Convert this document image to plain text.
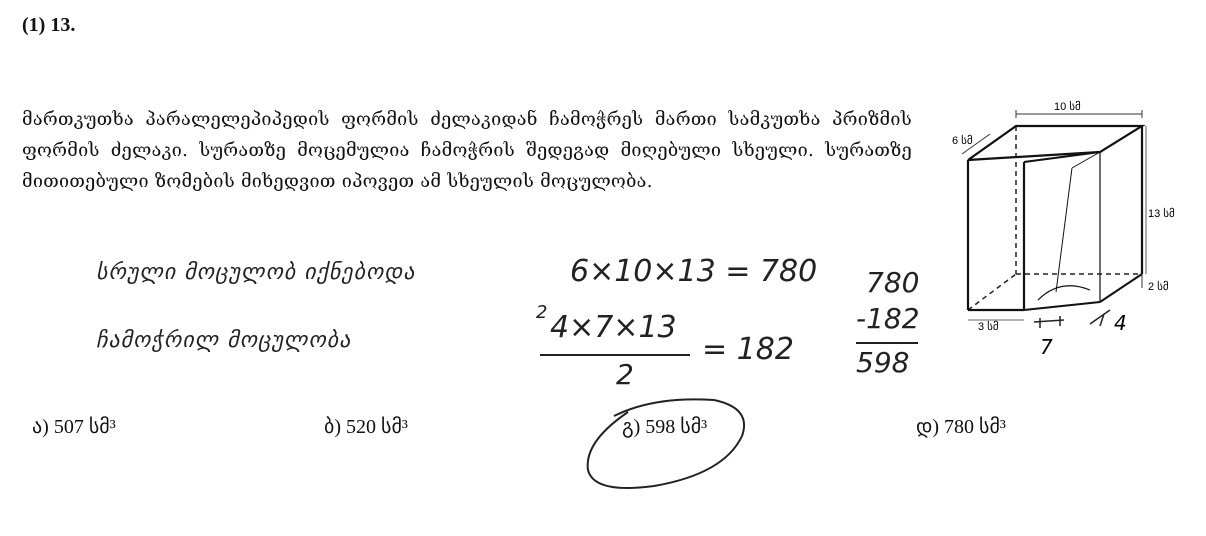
(1) 13.
მართკუთხა პარალელეპიპედის ფორმის ძელაკიდან ჩამოჭრეს მართი სამკუთხა პრიზმის ფორმის ძელაკი. სურათზე მოცემულია ჩამოჭრის შედეგად მიღებული სხეული. სურათზე მითითებული ზომების მიხედვით იპოვეთ ამ სხეულის მოცულობა.
10 სმ
6 სმ
13 სმ
2 სმ
3 სმ
7
4
სრული მოცულობ იქნებოდა
ჩამოჭრილ მოცულობა
6×10×13 = 780
2 4×7×13
2
= 182
780
-182
598
ა) 507 სმ³	ბ) 520 სმ³	გ) 598 სმ³	დ) 780 სმ³
